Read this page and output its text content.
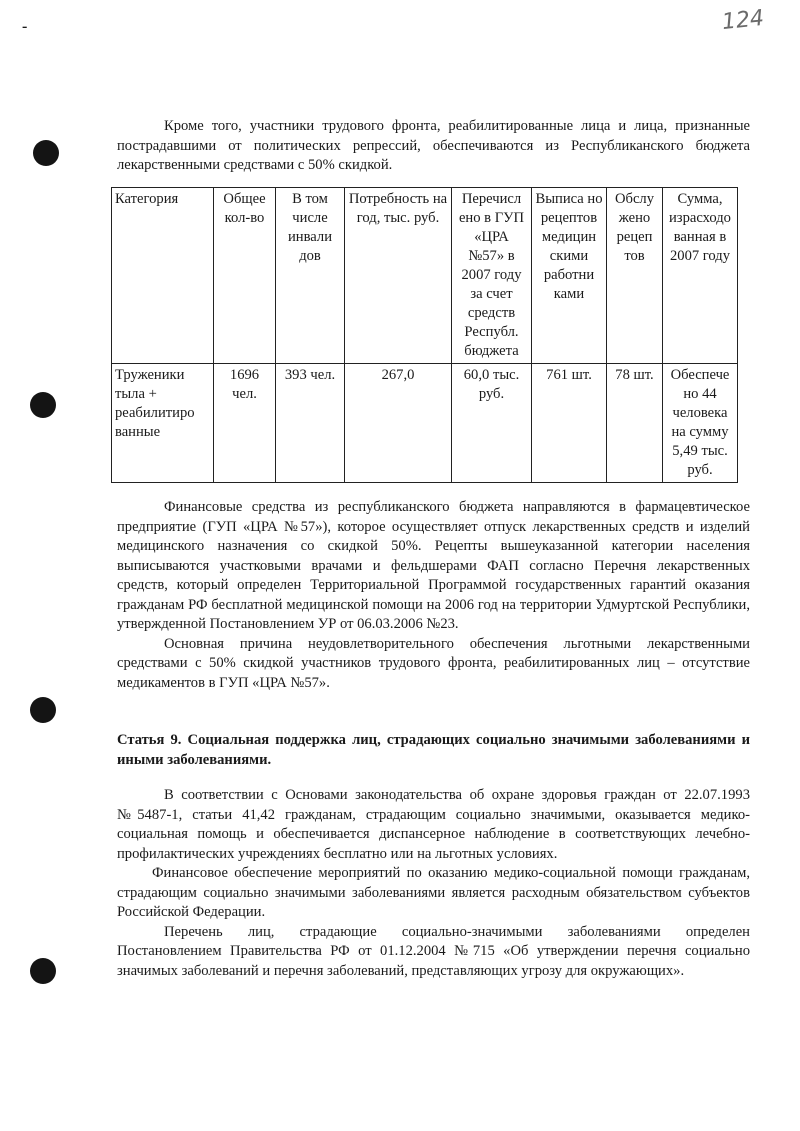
-	124

Кроме того, участники трудового фронта, реабилитированные лица и лица, признанные пострадавшими от политических репрессий, обеспечиваются из Республиканского бюджета лекарственными средствами с 50% скидкой.

Категория	Общее кол-во	В том числе инвали дов	Потребность на год, тыс. руб.	Перечисл ено в ГУП «ЦРА №57» в 2007 году за счет средств Республ. бюджета	Выписа но рецептов медицин скими работни ками	Обслу жено рецеп тов	Сумма, израсходо ванная в 2007 году
Труженики тыла + реабилитиро ванные	1696 чел.	393 чел.	267,0	60,0 тыс. руб.	761 шт.	78 шт.	Обеспече но 44 человека на сумму 5,49 тыс. руб.

Финансовые средства из республиканского бюджета направляются в фармацевтическое предприятие (ГУП «ЦРА №57»), которое осуществляет отпуск лекарственных средств и изделий медицинского назначения со скидкой 50%. Рецепты вышеуказанной категории населения выписываются участковыми врачами и фельдшерами ФАП согласно Перечня лекарственных средств, который определен Территориальной Программой государственных гарантий оказания гражданам РФ бесплатной медицинской помощи на 2006 год на территории Удмуртской Республики, утвержденной Постановлением УР от 06.03.2006 №23.

Основная причина неудовлетворительного обеспечения льготными лекарственными средствами с 50% скидкой участников трудового фронта, реабилитированных лиц – отсутствие медикаментов в ГУП «ЦРА №57».

Статья 9. Социальная поддержка лиц, страдающих социально значимыми заболеваниями и иными заболеваниями.

В соответствии с Основами законодательства об охране здоровья граждан от 22.07.1993 №5487-1, статьи 41,42 гражданам, страдающим социально значимыми, оказывается медико-социальная помощь и обеспечивается диспансерное наблюдение в соответствующих лечебно-профилактических учреждениях бесплатно или на льготных условиях.

Финансовое обеспечение мероприятий по оказанию медико-социальной помощи гражданам, страдающим социально значимыми заболеваниями является расходным обязательством субъектов Российской Федерации.

Перечень лиц, страдающие социально-значимыми заболеваниями определен Постановлением Правительства РФ от 01.12.2004 №715 «Об утверждении перечня социально значимых заболеваний и перечня заболеваний, представляющих угрозу для окружающих».
